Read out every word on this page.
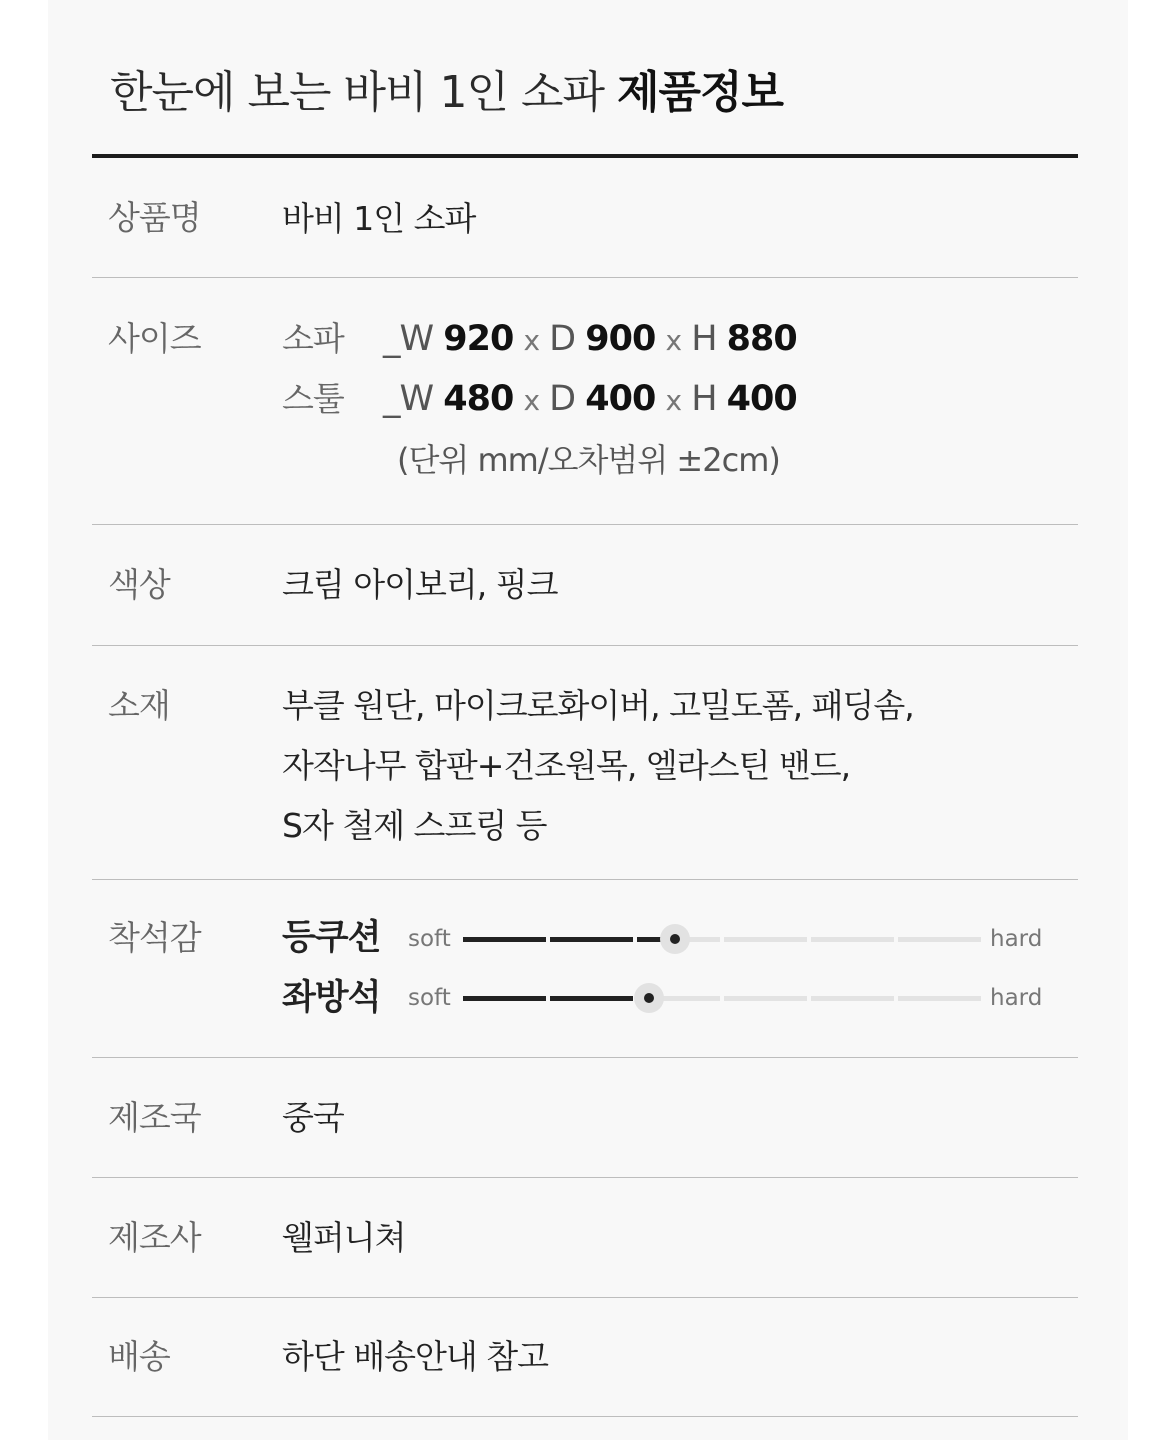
한눈에 보는 바비 1인 소파 제품정보
상품명 바비 1인 소파
사이즈 소파 _W 920 x D 900 x H 880
스툴 _W 480 x D 400 x H 400
(단위 mm/오차범위 ±2cm)
색상	크림 아이보리, 핑크
소재	부클 원단, 마이크로화이버, 고밀도폼, 패딩솜,
자작나무 합판+건조원목, 엘라스틴 밴드,
S자 철제 스프링 등
착석감 등쿠션 soft	hard
좌방석 soft	hard
제조국 중국
제조사 웰퍼니쳐
배송	하단 배송안내 참고
